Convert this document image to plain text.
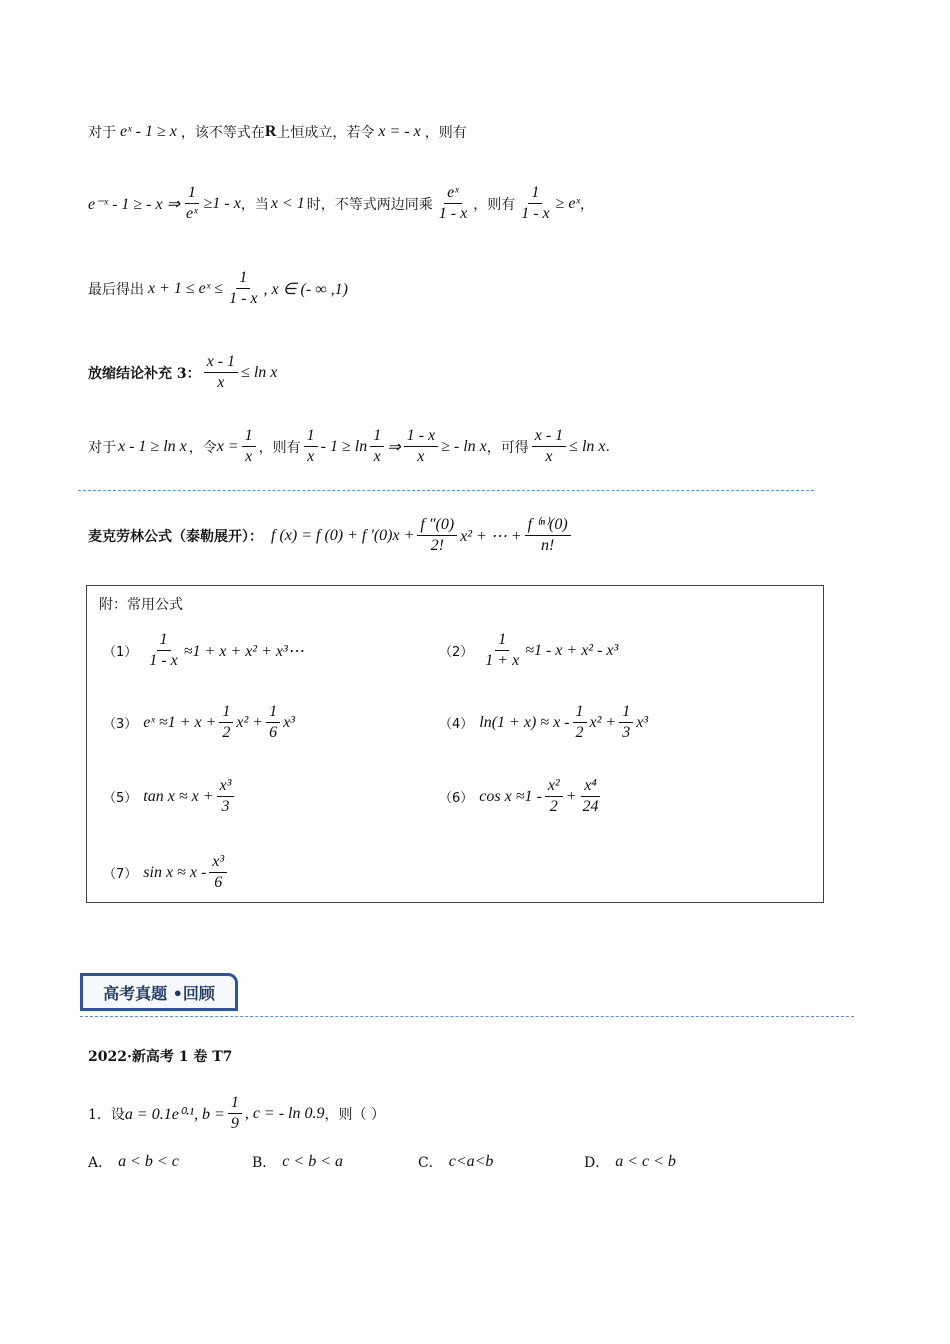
对于 eˣ - 1 ≥ x ，该不等式在 R 上恒成立，若令 x = - x ，则有
e⁻ˣ - 1 ≥ - x ⇒ $\frac{1}{\text{eˣ}} \ge 1 - x$ ，当 x < 1 时，不等式两边同乘 $\frac{\text{eˣ}}{1 - x}$ ，则有 $\frac{1}{1 - x}$ ≥ eˣ ，
最后得出 x + 1 ≤ eˣ ≤ $\frac{1}{1 - x}$ , x ∈ (- ∞ ,1)
放缩结论补充 3： $\frac{x - 1}{x} \le \ln x$
对于 x - 1 ≥ ln x ，令 $x = \frac{1}{x}$ ，则有 $\frac{1}{x} - 1 \ge \ln \frac{1}{x}$ ⇒ $\frac{1 - x}{x}$ ≥ - ln x ，可得 $\frac{x - 1}{x} \le \ln x$ .
麦克劳林公式（泰勒展开）： f (x) = f (0) + f $'(0)x + \frac{f ''(0)}{2!} x^2$ + ⋯ + $\frac{\text{f ⁽ⁿ⁾(0)}}{n!}$
附：常用公式
$(1) \frac{1}{1 - x} \approx 1 + x + x^2$ + x³⋯	$(2) \frac{1}{1 + x} \approx 1 - x + x^2 - x^3$
（3） eˣ $\approx 1 + x + \frac{1}{2} x^2 + \frac{1}{6} x^3$	（4） $\ln(1 + x) \approx x - \frac{1}{2} x^2 + \frac{1}{3} x^3$
（5） $\tan x \approx x + \frac{\text{x³}}{3}$	（6） $\cos x \approx 1 - \frac{\text{x²}}{2} + \frac{\text{x⁴}}{24}$
（7） $\sin x \approx x - \frac{\text{x³}}{6}$
高考真题 •回顾
2022·新高考 1 卷 T7
1．设 a = 0.1e⁰·¹, $b = \frac{1}{9}$ , c = - ln 0.9 ，则（ ）
A． a < b < c	B． c < b < a	C． c<a<b	D． a < c < b
